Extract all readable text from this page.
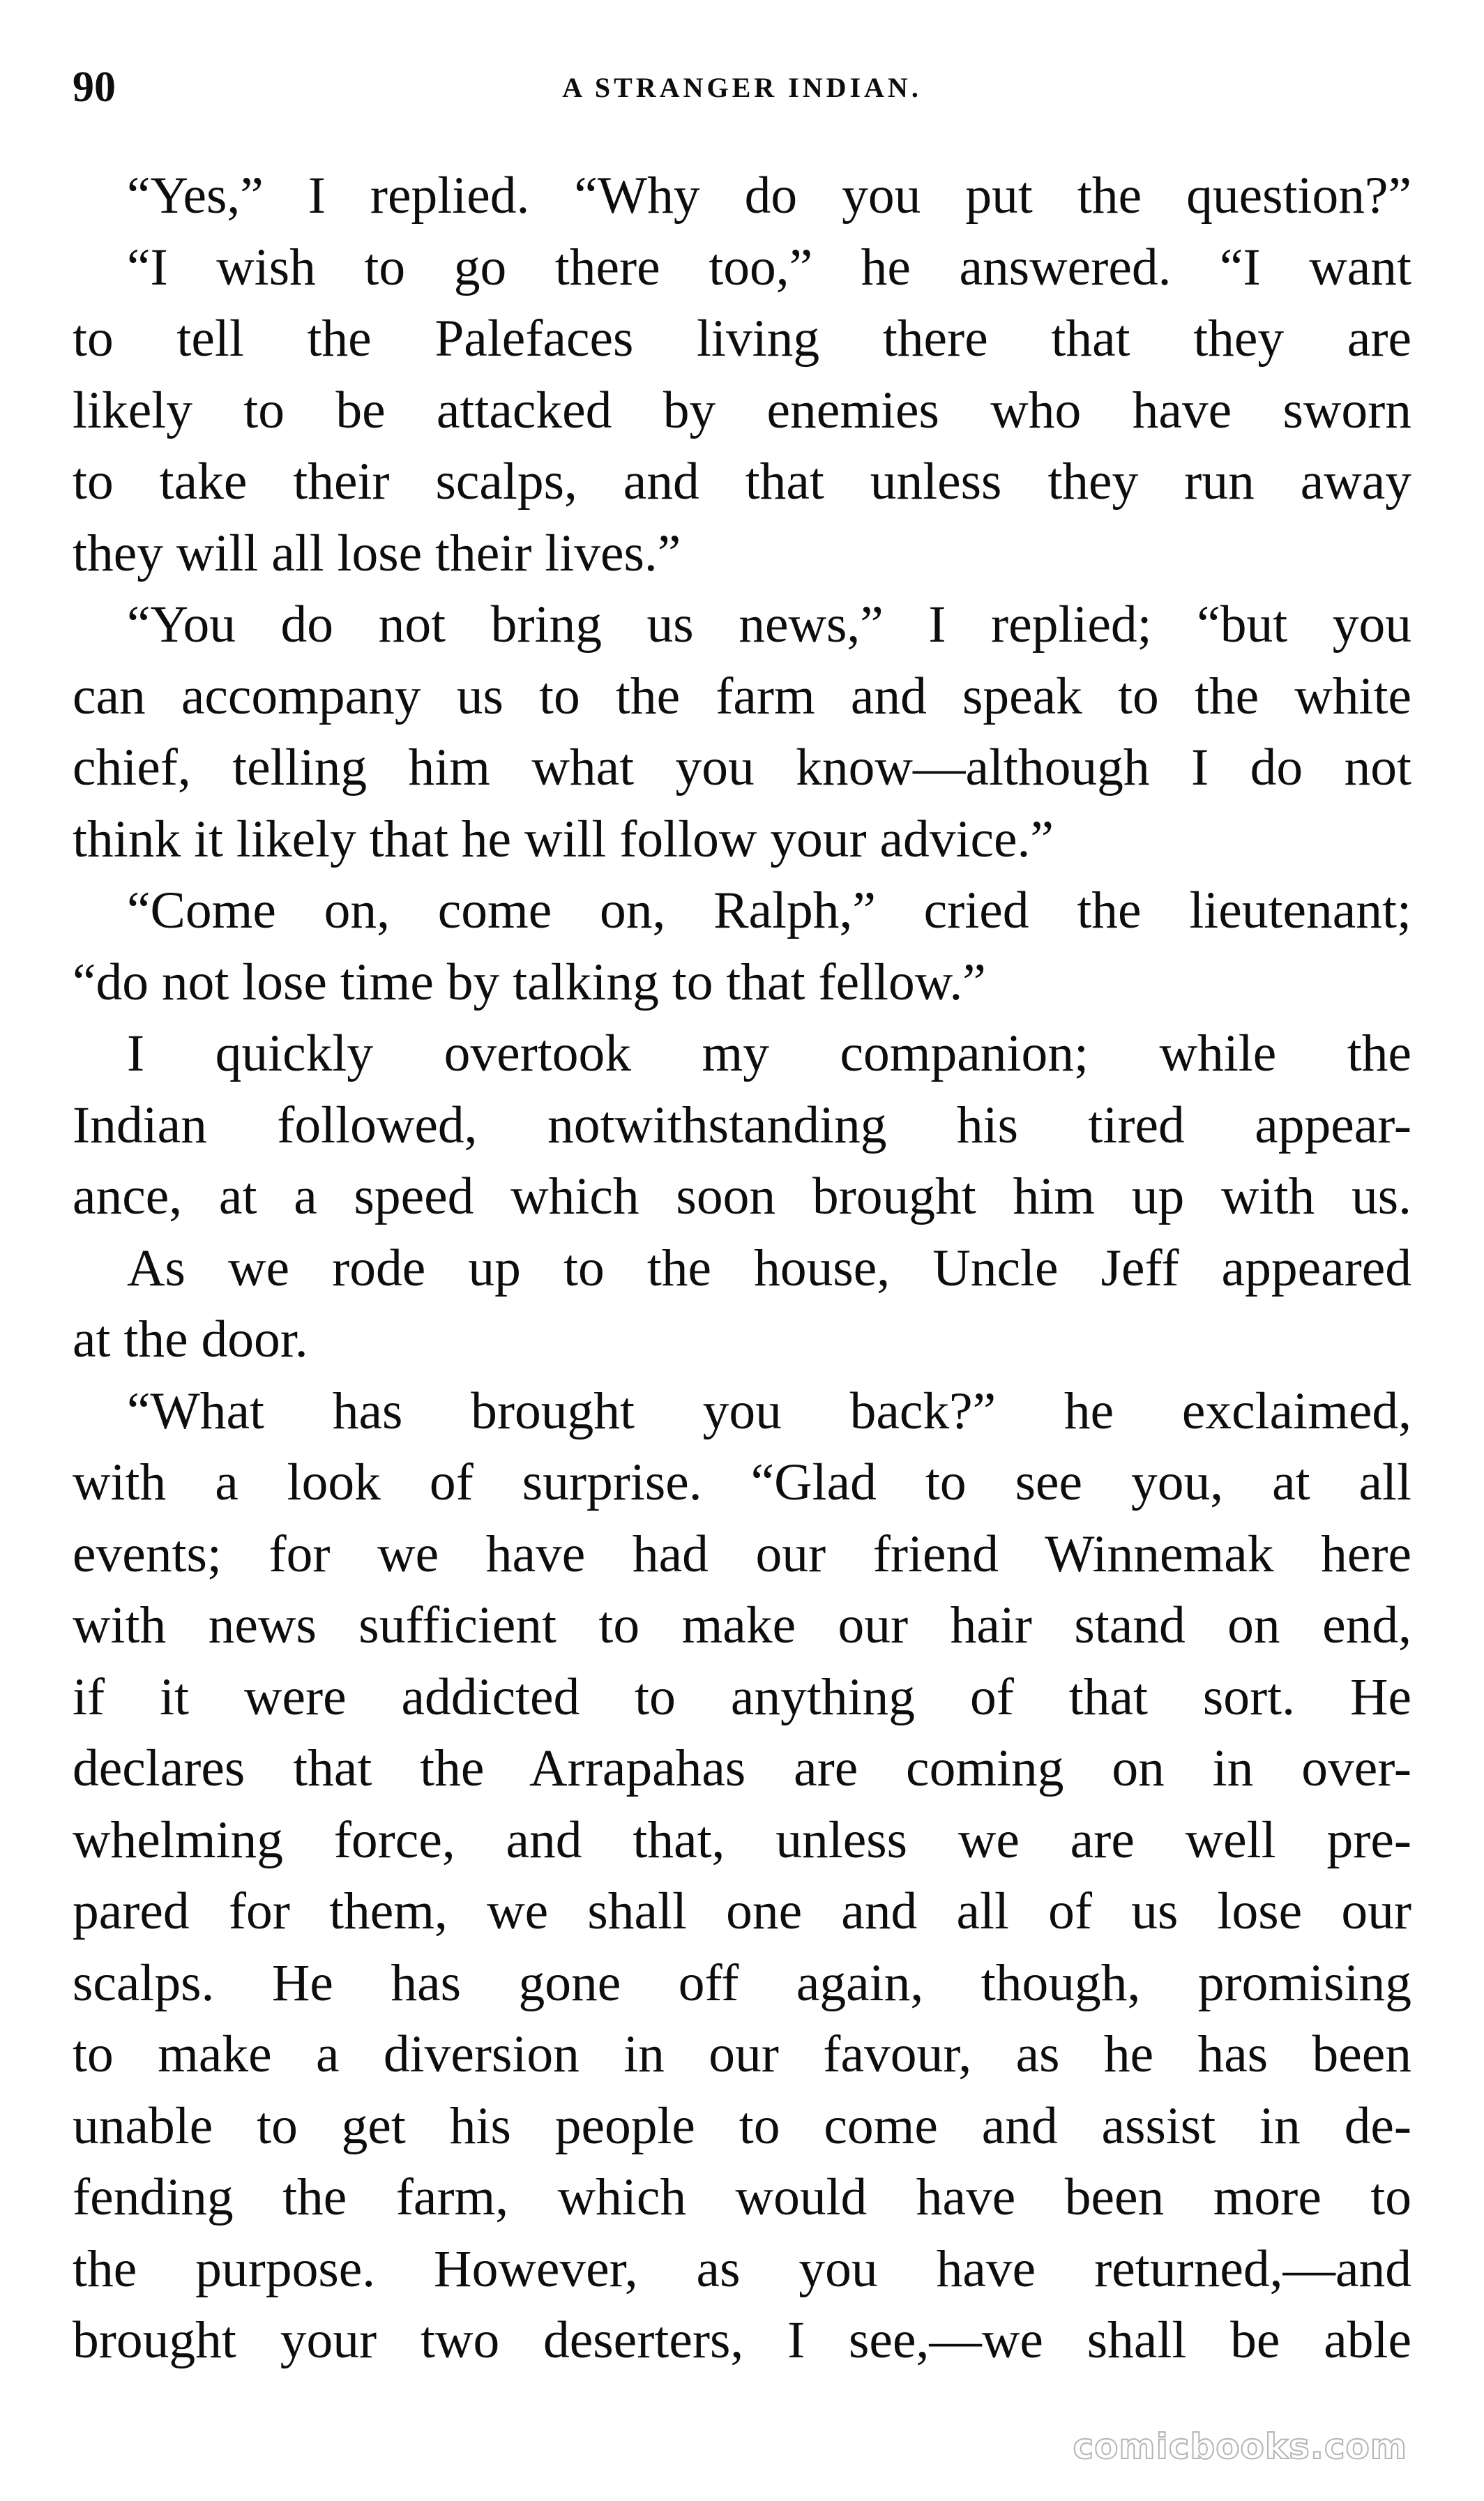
90	A STRANGER INDIAN.
“Yes,” I replied. “Why do you put the question?”
“I wish to go there too,” he answered. “I want
to tell the Palefaces living there that they are
likely to be attacked by enemies who have sworn
to take their scalps, and that unless they run away
they will all lose their lives.”
“You do not bring us news,” I replied; “but you
can accompany us to the farm and speak to the white
chief, telling him what you know—although I do not
think it likely that he will follow your advice.”
“Come on, come on, Ralph,” cried the lieutenant;
“do not lose time by talking to that fellow.”
I quickly overtook my companion; while the
Indian followed, notwithstanding his tired appear-
ance, at a speed which soon brought him up with us.
As we rode up to the house, Uncle Jeff appeared
at the door.
“What has brought you back?” he exclaimed,
with a look of surprise. “Glad to see you, at all
events; for we have had our friend Winnemak here
with news sufficient to make our hair stand on end,
if it were addicted to anything of that sort. He
declares that the Arrapahas are coming on in over-
whelming force, and that, unless we are well pre-
pared for them, we shall one and all of us lose our
scalps. He has gone off again, though, promising
to make a diversion in our favour, as he has been
unable to get his people to come and assist in de-
fending the farm, which would have been more to
the purpose. However, as you have returned,—and
brought your two deserters, I see,—we shall be able
comicbooks.com
